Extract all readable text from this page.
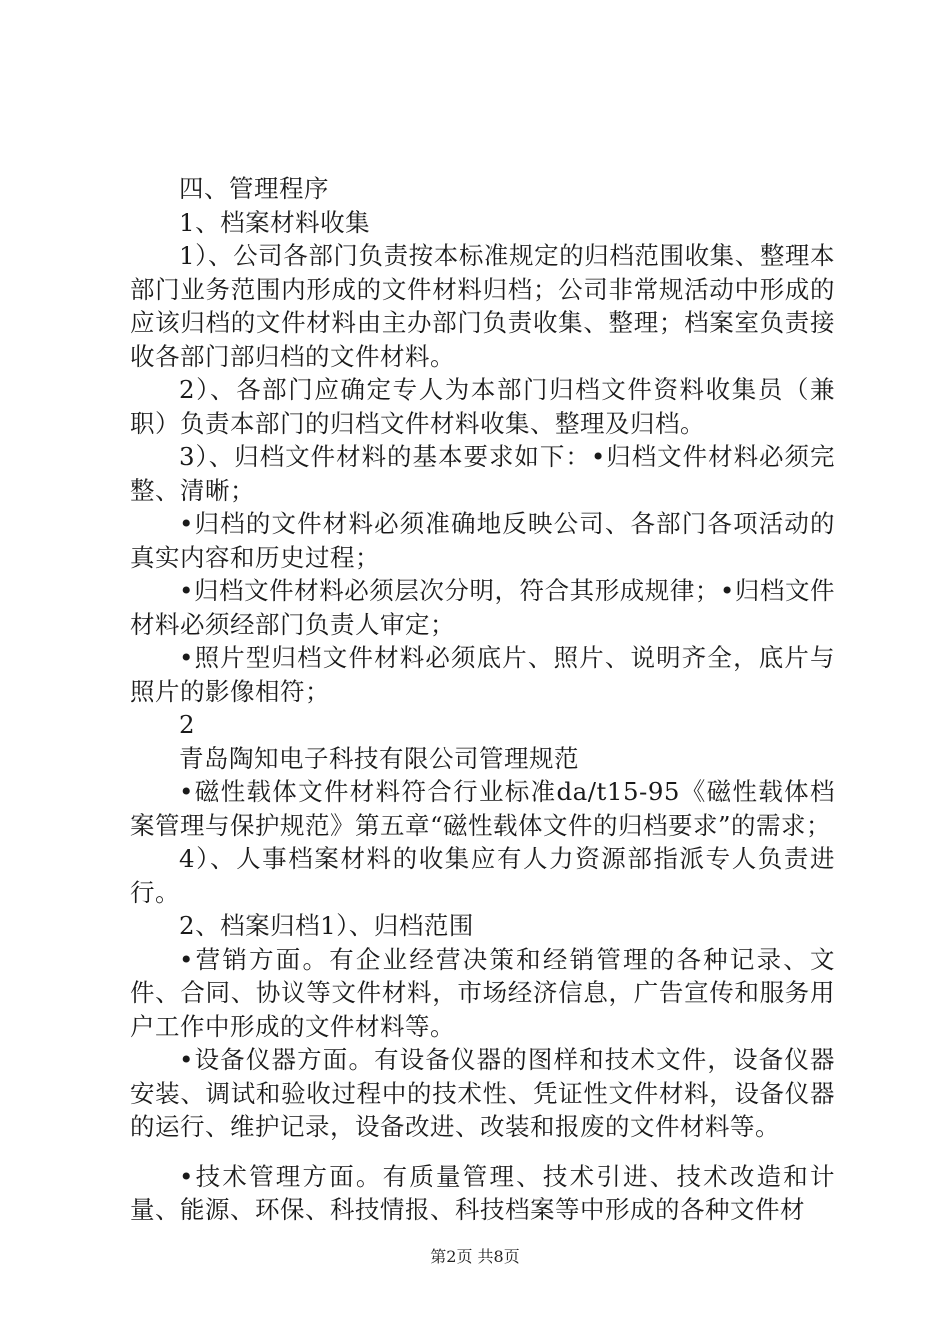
四、管理程序

1、档案材料收集

1）、公司各部门负责按本标准规定的归档范围收集、整理本部门业务范围内形成的文件材料归档；公司非常规活动中形成的应该归档的文件材料由主办部门负责收集、整理；档案室负责接收各部门部归档的文件材料。

2）、各部门应确定专人为本部门归档文件资料收集员（兼职）负责本部门的归档文件材料收集、整理及归档。

3）、归档文件材料的基本要求如下：•归档文件材料必须完整、清晰；

•归档的文件材料必须准确地反映公司、各部门各项活动的真实内容和历史过程；

•归档文件材料必须层次分明，符合其形成规律；•归档文件材料必须经部门负责人审定；

•照片型归档文件材料必须底片、照片、说明齐全，底片与照片的影像相符；

2

青岛陶知电子科技有限公司管理规范

•磁性载体文件材料符合行业标准da/t15-95《磁性载体档案管理与保护规范》第五章“磁性载体文件的归档要求”的需求；

4）、人事档案材料的收集应有人力资源部指派专人负责进行。

2、档案归档1）、归档范围

•营销方面。有企业经营决策和经销管理的各种记录、文件、合同、协议等文件材料，市场经济信息，广告宣传和服务用户工作中形成的文件材料等。

•设备仪器方面。有设备仪器的图样和技术文件，设备仪器安装、调试和验收过程中的技术性、凭证性文件材料，设备仪器的运行、维护记录，设备改进、改装和报废的文件材料等。

•技术管理方面。有质量管理、技术引进、技术改造和计量、能源、环保、科技情报、科技档案等中形成的各种文件材

第2页 共8页
